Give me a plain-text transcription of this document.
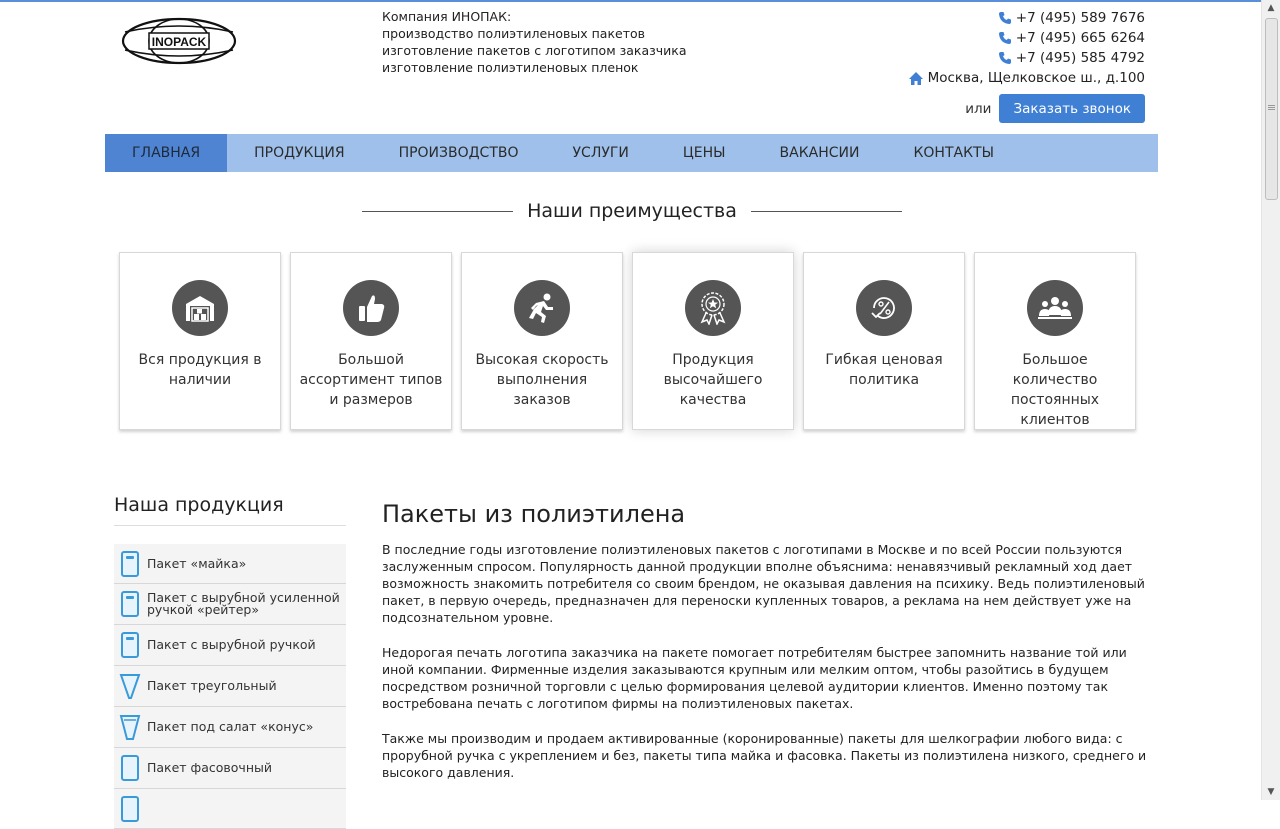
INOPACK
Компания ИНОПАК:
производство полиэтиленовых пакетов
изготовление пакетов с логотипом заказчика
изготовление полиэтиленовых пленок
+7 (495) 589 7676
+7 (495) 665 6264
+7 (495) 585 4792
Москва, Щелковское ш., д.100
или	Заказать звонок
ГЛАВНАЯ	ПРОДУКЦИЯ	ПРОИЗВОДСТВО	УСЛУГИ	ЦЕНЫ	ВАКАНСИИ	КОНТАКТЫ
Наши преимущества
Вся продукция в наличии
Большой ассортимент типов и размеров
Высокая скорость выполнения заказов
Продукция высочайшего качества
Гибкая ценовая политика
Большое количество постоянных клиентов
Наша продукция
Пакет «майка»
Пакет с вырубной усиленной ручкой «рейтер»
Пакет с вырубной ручкой
Пакет треугольный
Пакет под салат «конус»
Пакет фасовочный
Пакеты из полиэтилена

В последние годы изготовление полиэтиленовых пакетов с логотипами в Москве и по всей России пользуются заслуженным спросом. Популярность данной продукции вполне объяснима: ненавязчивый рекламный ход дает возможность знакомить потребителя со своим брендом, не оказывая давления на психику. Ведь полиэтиленовый пакет, в первую очередь, предназначен для переноски купленных товаров, а реклама на нем действует уже на подсознательном уровне.

Недорогая печать логотипа заказчика на пакете помогает потребителям быстрее запомнить название той или иной компании. Фирменные изделия заказываются крупным или мелким оптом, чтобы разойтись в будущем посредством розничной торговли с целью формирования целевой аудитории клиентов. Именно поэтому так востребована печать с логотипом фирмы на полиэтиленовых пакетах.

Также мы производим и продаем активированные (коронированные) пакеты для шелкографии любого вида: с прорубной ручка с укреплением и без, пакеты типа майка и фасовка. Пакеты из полиэтилена низкого, среднего и высокого давления.

▲
▼
